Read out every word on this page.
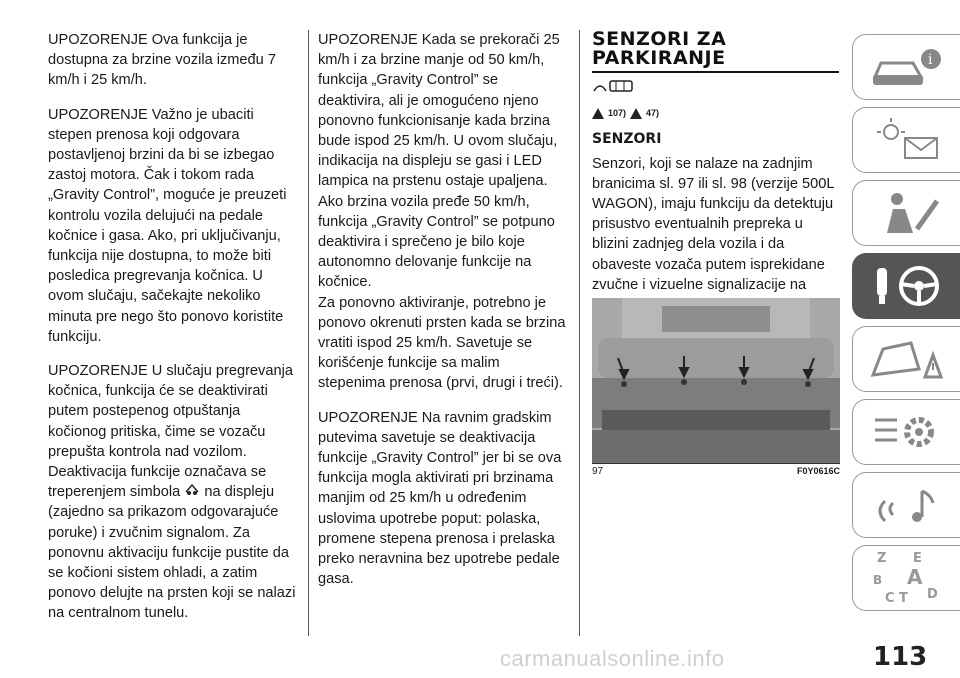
UPOZORENJE Ova funkcija je dostupna za brzine vozila između 7 km/h i 25 km/h.

UPOZORENJE Važno je ubaciti stepen prenosa koji odgovara postavljenoj brzini da bi se izbegao zastoj motora. Čak i tokom rada „Gravity Control”, moguće je preuzeti kontrolu vozila delujući na pedale kočnice i gasa. Ako, pri uključivanju, funkcija nije dostupna, to može biti posledica pregrevanja kočnica. U ovom slučaju, sačekajte nekoliko minuta pre nego što ponovo koristite funkciju.

UPOZORENJE U slučaju pregrevanja kočnica, funkcija će se deaktivirati putem postepenog otpuštanja kočionog pritiska, čime se vozaču prepušta kontrola nad vozilom. Deaktivacija funkcije označava se treperenjem simbola na displeju (zajedno sa prikazom odgovarajuće poruke) i zvučnim signalom. Za ponovnu aktivaciju funkcije pustite da se kočioni sistem ohladi, a zatim ponovo delujte na prsten koji se nalazi na centralnom tunelu.

UPOZORENJE Kada se prekorači 25 km/h i za brzine manje od 50 km/h, funkcija „Gravity Control” se deaktivira, ali je omogućeno njeno ponovno funkcionisanje kada brzina bude ispod 25 km/h. U ovom slučaju, indikacija na displeju se gasi i LED lampica na prstenu ostaje upaljena. Ako brzina vozila pređe 50 km/h, funkcija „Gravity Control” se potpuno deaktivira i sprečeno je bilo koje autonomno delovanje funkcije na kočnice.

Za ponovno aktiviranje, potrebno je ponovo okrenuti prsten kada se brzina vratiti ispod 25 km/h. Savetuje se korišćenje funkcije sa malim stepenima prenosa (prvi, drugi i treći).

UPOZORENJE Na ravnim gradskim putevima savetuje se deaktivacija funkcije „Gravity Control” jer bi se ova funkcija mogla aktivirati pri brzinama manjim od 25 km/h u određenim uslovima upotrebe poput: polaska, promene stepena prenosa i prelaska preko neravnina bez upotrebe pedale gasa.

SENZORI ZA PARKIRANJE
107) 47)
SENZORI

Senzori, koji se nalaze na zadnjim branicima sl. 97 ili sl. 98 (verzije 500L WAGON), imaju funkciju da detektuju prisustvo eventualnih prepreka u blizini zadnjeg dela vozila i da obaveste vozača putem isprekidane zvučne i vizuelne signalizacije na

97	F0Y0616C
i
Z E
B A
C T D
carmanualsonline.info	113
